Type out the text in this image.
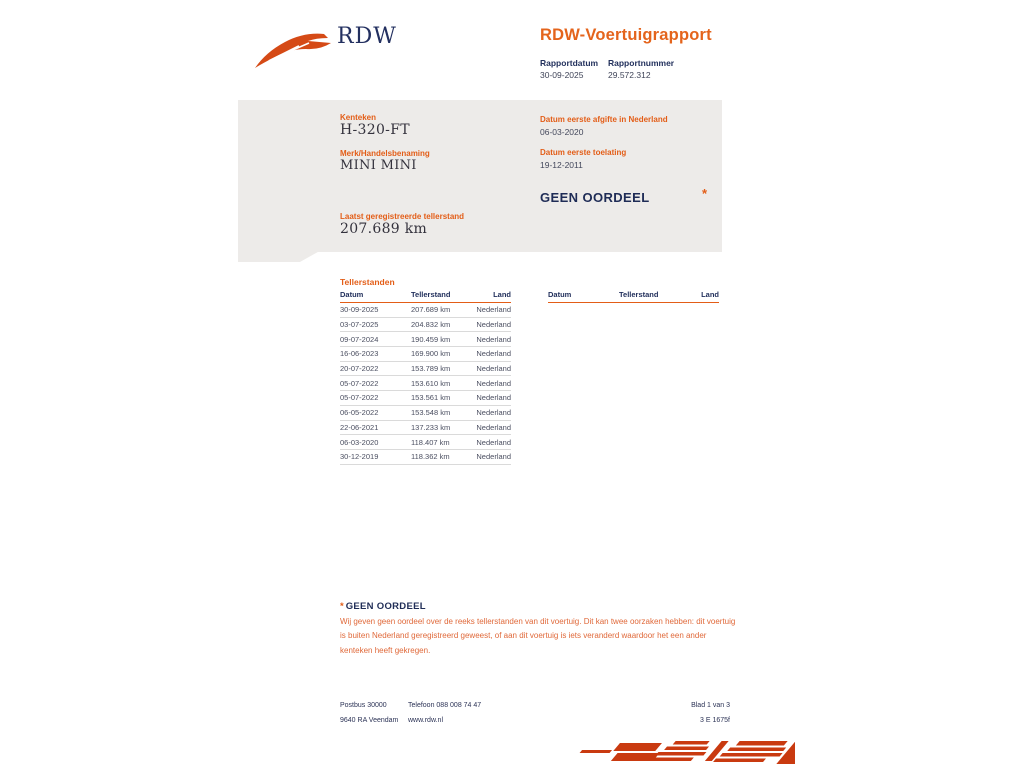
RDW	RDW-Voertuigrapport
Rapportdatum Rapportnummer
30-09-2025	29.572.312
Kenteken
H-320-FT
Merk/Handelsbenaming
MINI MINI
Laatst geregistreerde tellerstand
207.689 km
Datum eerste afgifte in Nederland
06-03-2020
Datum eerste toelating
19-12-2011
GEEN OORDEEL	*
Tellerstanden
Datum	Tellerstand	Land
30-09-2025	207.689 km	Nederland
03-07-2025	204.832 km	Nederland
09-07-2024	190.459 km	Nederland
16-06-2023	169.900 km	Nederland
20-07-2022	153.789 km	Nederland
05-07-2022	153.610 km	Nederland
05-07-2022	153.561 km	Nederland
06-05-2022	153.548 km	Nederland
22-06-2021	137.233 km	Nederland
06-03-2020	118.407 km	Nederland
30-12-2019	118.362 km	Nederland
Datum	Tellerstand	Land
* GEEN OORDEEL
Wij geven geen oordeel over de reeks tellerstanden van dit voertuig. Dit kan twee oorzaken hebben: dit voertuig is buiten Nederland geregistreerd geweest, of aan dit voertuig is iets veranderd waardoor het een ander kenteken heeft gekregen.
Postbus 30000
9640 RA Veendam
Telefoon 088 008 74 47
www.rdw.nl
Blad 1 van 3
3 E 1675f
